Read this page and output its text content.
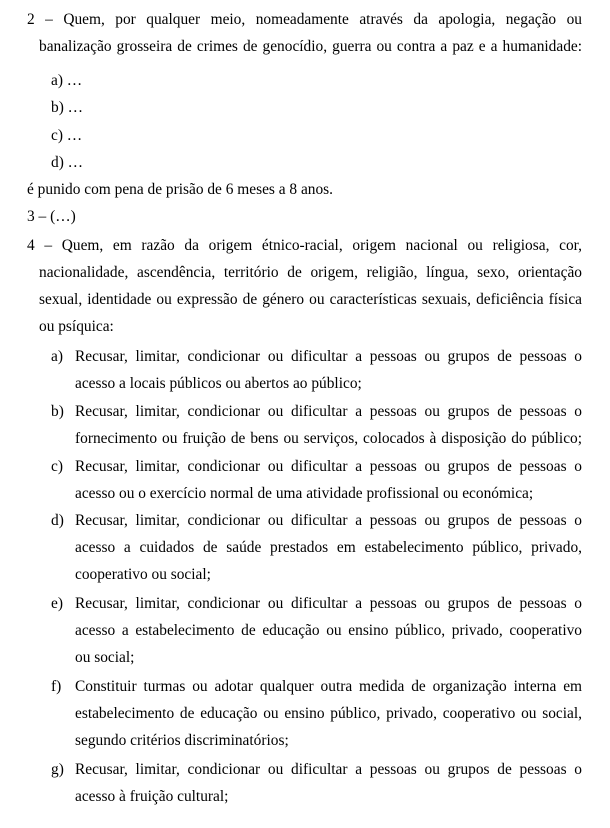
2 – Quem, por qualquer meio, nomeadamente através da apologia, negação ou
banalização grosseira de crimes de genocídio, guerra ou contra a paz e a humanidade:
a) …
b) …
c) …
d) …
é punido com pena de prisão de 6 meses a 8 anos.
3 – (…)
4 – Quem, em razão da origem étnico-racial, origem nacional ou religiosa, cor,
nacionalidade, ascendência, território de origem, religião, língua, sexo, orientação
sexual, identidade ou expressão de género ou características sexuais, deficiência física
ou psíquica:
a) Recusar, limitar, condicionar ou dificultar a pessoas ou grupos de pessoas o
acesso a locais públicos ou abertos ao público;
b) Recusar, limitar, condicionar ou dificultar a pessoas ou grupos de pessoas o
fornecimento ou fruição de bens ou serviços, colocados à disposição do público;
c) Recusar, limitar, condicionar ou dificultar a pessoas ou grupos de pessoas o
acesso ou o exercício normal de uma atividade profissional ou económica;
d) Recusar, limitar, condicionar ou dificultar a pessoas ou grupos de pessoas o
acesso a cuidados de saúde prestados em estabelecimento público, privado,
cooperativo ou social;
e) Recusar, limitar, condicionar ou dificultar a pessoas ou grupos de pessoas o
acesso a estabelecimento de educação ou ensino público, privado, cooperativo
ou social;
f) Constituir turmas ou adotar qualquer outra medida de organização interna em
estabelecimento de educação ou ensino público, privado, cooperativo ou social,
segundo critérios discriminatórios;
g) Recusar, limitar, condicionar ou dificultar a pessoas ou grupos de pessoas o
acesso à fruição cultural;
